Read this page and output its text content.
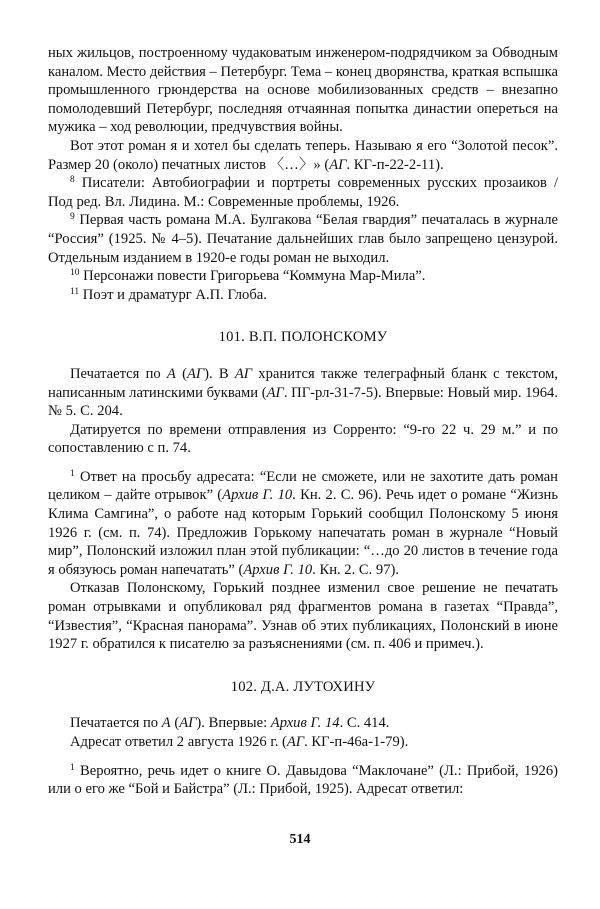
ных жильцов, построенному чудаковатым инженером-подрядчиком за Обводным каналом. Место действия – Петербург. Тема – конец дворянства, краткая вспышка промышленного грюндерства на основе мобилизованных средств – внезапно помолодевший Петербург, последняя отчаянная попытка династии опереться на мужика – ход революции, предчувствия войны.

Вот этот роман я и хотел бы сделать теперь. Называю я его “Золотой песок”. Размер 20 (около) печатных листов 〈…〉» (АГ. КГ-п-22-2-11).

$^8$ Писатели: Автобиографии и портреты современных русских прозаиков / Под ред. Вл. Лидина. М.: Современные проблемы, 1926.

$^9$ Первая часть романа М.А. Булгакова “Белая гвардия” печаталась в журнале “Россия” (1925. № 4–5). Печатание дальнейших глав было запрещено цензурой. Отдельным изданием в 1920-е годы роман не выходил.

$^{10}$ Персонажи повести Григорьева “Коммуна Мар-Мила”.

$^{11}$ Поэт и драматург А.П. Глоба.

101. В.П. ПОЛОНСКОМУ

Печатается по А (АГ). В АГ хранится также телеграфный бланк с текстом, написанным латинскими буквами (АГ. ПГ-рл-31-7-5). Впервые: Новый мир. 1964. № 5. С. 204.

Датируется по времени отправления из Сорренто: “9-го 22 ч. 29 м.” и по сопоставлению с п. 74.

$^1$ Ответ на просьбу адресата: “Если не сможете, или не захотите дать роман целиком – дайте отрывок” (Архив Г. 10. Кн. 2. С. 96). Речь идет о романе “Жизнь Клима Самгина”, о работе над которым Горький сообщил Полонскому 5 июня 1926 г. (см. п. 74). Предложив Горькому напечатать роман в журнале “Новый мир”, Полонский изложил план этой публикации: “…до 20 листов в течение года я обязуюсь роман напечатать” (Архив Г. 10. Кн. 2. С. 97).

Отказав Полонскому, Горький позднее изменил свое решение не печатать роман отрывками и опубликовал ряд фрагментов романа в газетах “Правда”, “Известия”, “Красная панорама”. Узнав об этих публикациях, Полонский в июне 1927 г. обратился к писателю за разъяснениями (см. п. 406 и примеч.).

102. Д.А. ЛУТОХИНУ

Печатается по А (АГ). Впервые: Архив Г. 14. С. 414.

Адресат ответил 2 августа 1926 г. (АГ. КГ-п-46а-1-79).

$^1$ Вероятно, речь идет о книге О. Давыдова “Маклочане” (Л.: Прибой, 1926) или о его же “Бой и Байстра” (Л.: Прибой, 1925). Адресат ответил:

514
